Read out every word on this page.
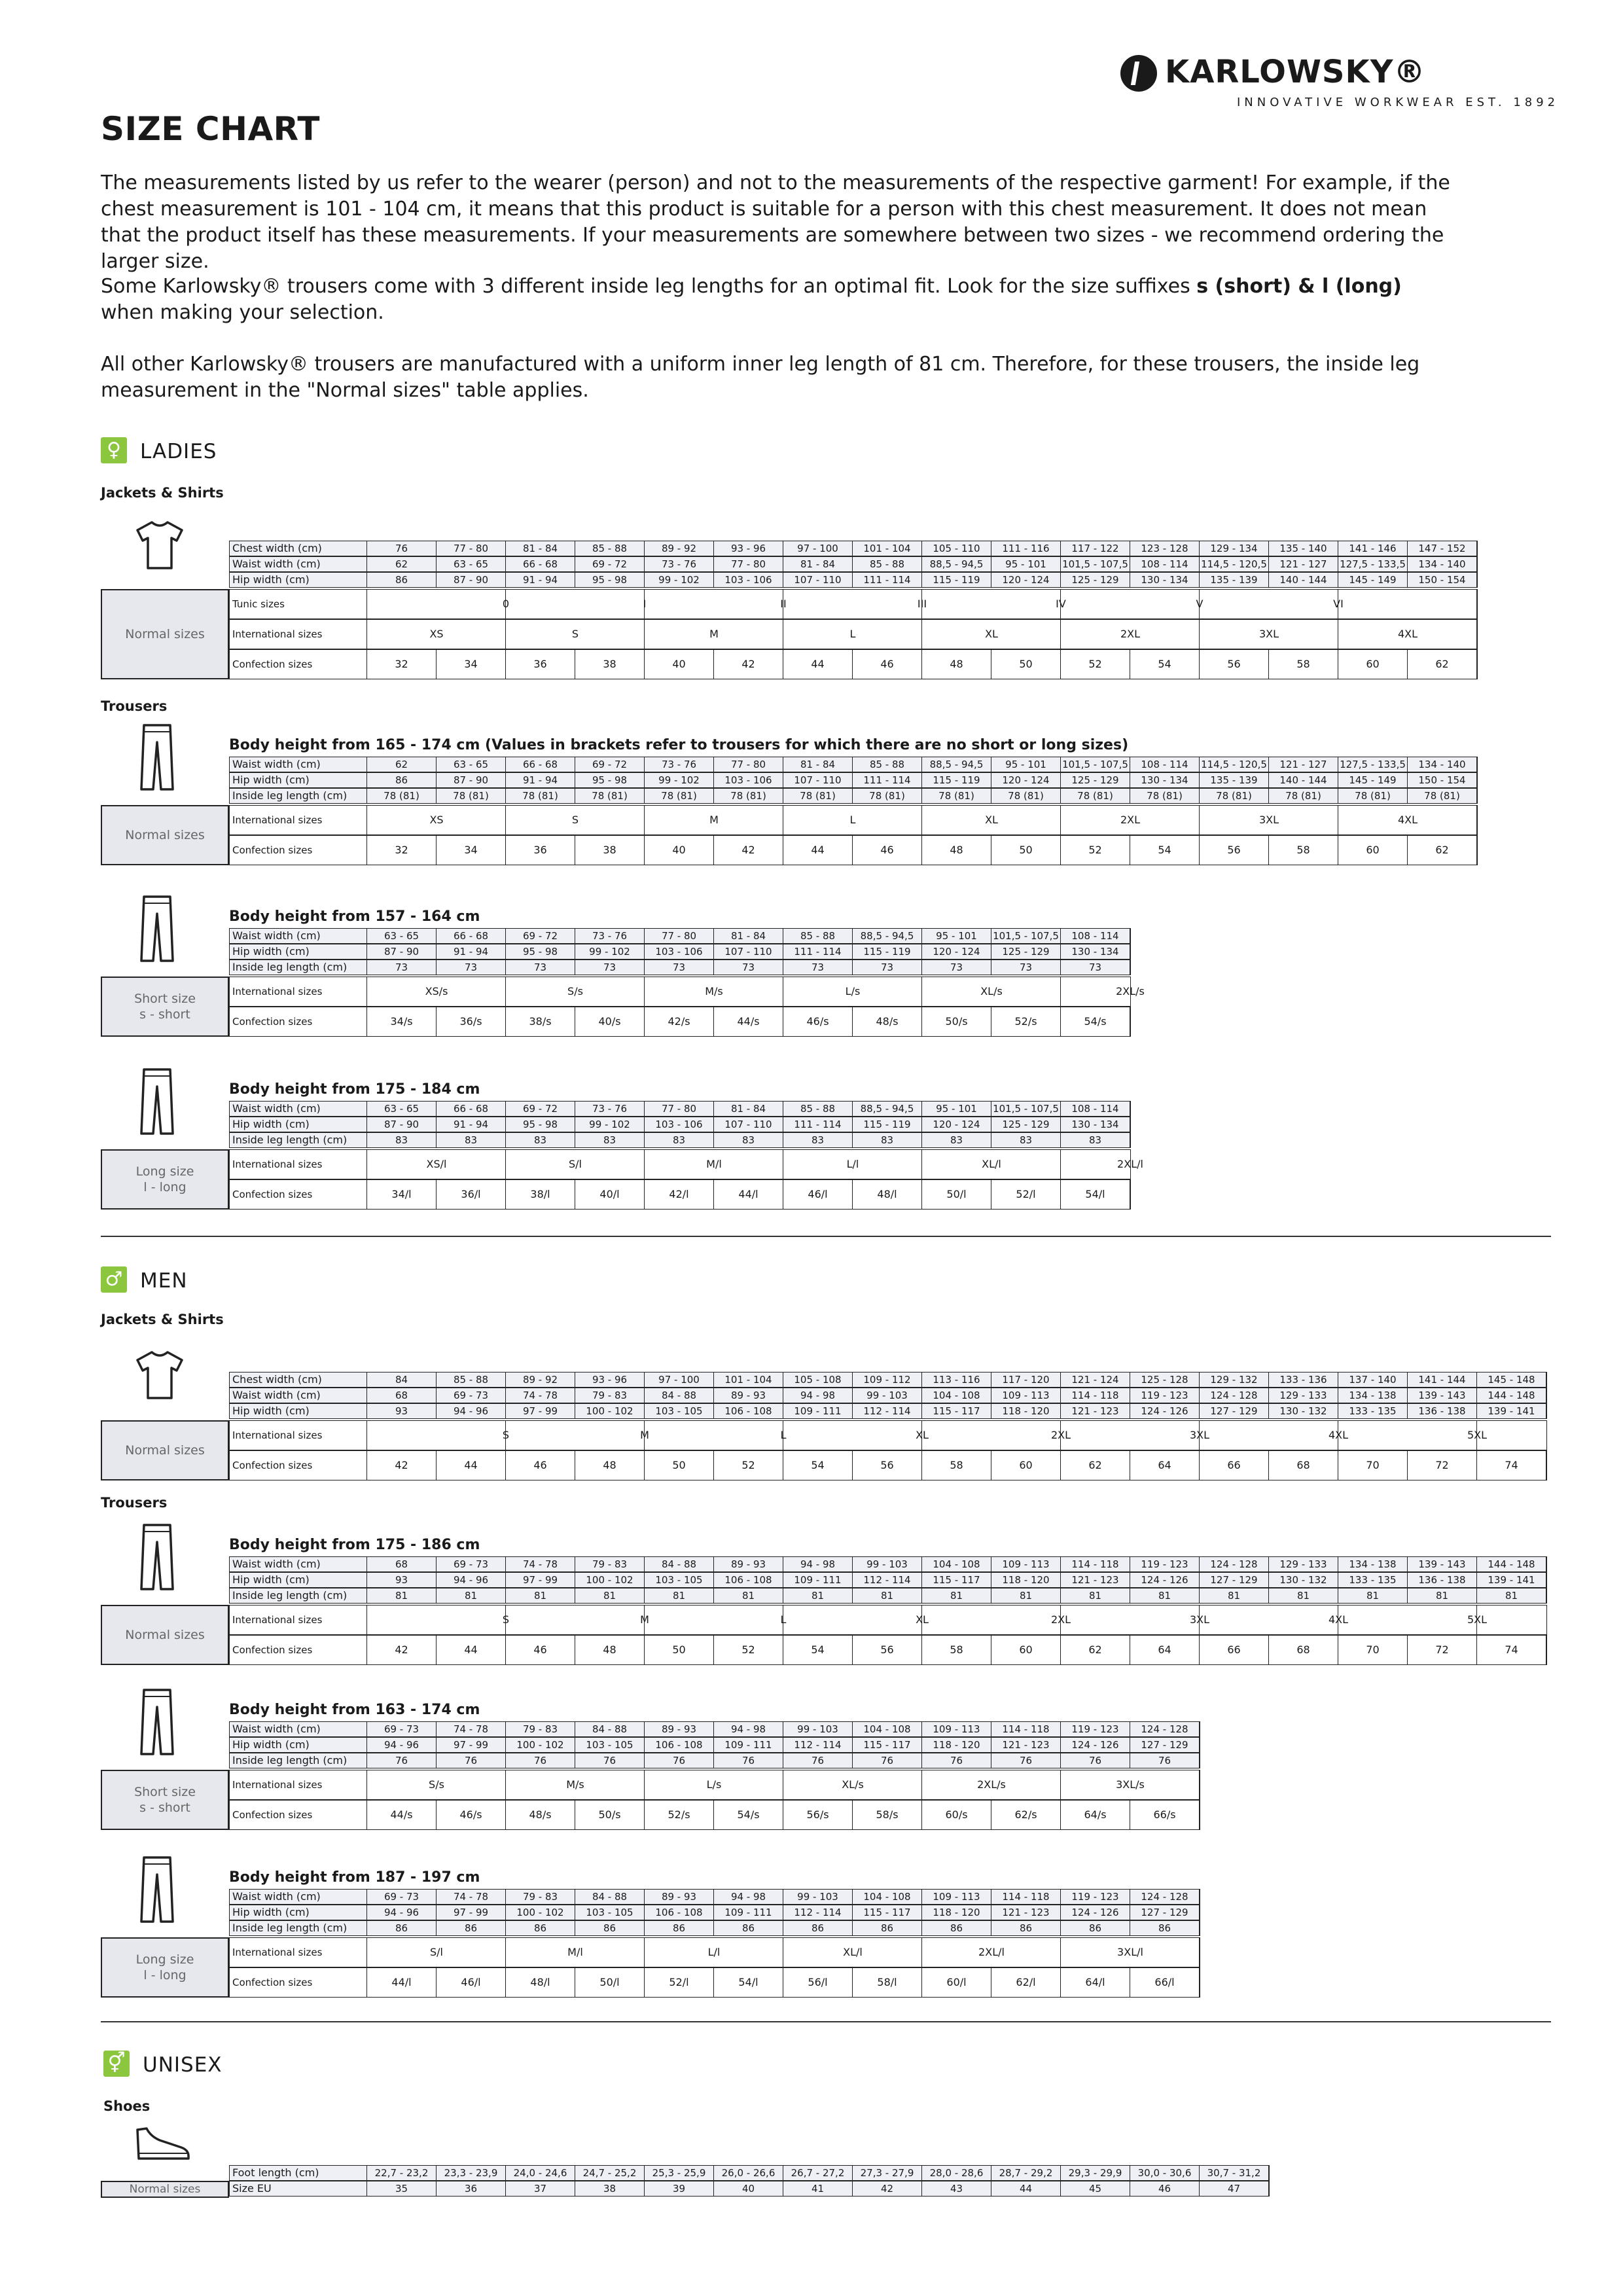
KARLOWSKY®
INNOVATIVE WORKWEAR EST. 1892
SIZE CHART
The measurements listed by us refer to the wearer (person) and not to the measurements of the respective garment! For example, if the chest measurement is 101 - 104 cm, it means that this product is suitable for a person with this chest measurement. It does not mean that the product itself has these measurements. If your measurements are somewhere between two sizes - we recommend ordering the larger size.
Some Karlowsky® trousers come with 3 different inside leg lengths for an optimal fit. Look for the size suffixes s (short) & l (long) when making your selection.
All other Karlowsky® trousers are manufactured with a uniform inner leg length of 81 cm. Therefore, for these trousers, the inside leg measurement in the "Normal sizes" table applies.
♀ LADIES
Jackets & Shirts
Trousers
♂ MEN
Jackets & Shirts
Trousers
⚥ UNISEX
Shoes
Chest width (cm)	76	77 - 80	81 - 84	85 - 88	89 - 92	93 - 96	97 - 100	101 - 104	105 - 110	111 - 116	117 - 122	123 - 128	129 - 134	135 - 140	141 - 146	147 - 152
Waist width (cm)	62	63 - 65	66 - 68	69 - 72	73 - 76	77 - 80	81 - 84	85 - 88	88,5 - 94,5	95 - 101	101,5 - 107,5	108 - 114	114,5 - 120,5	121 - 127	127,5 - 133,5	134 - 140
Hip width (cm)	86	87 - 90	91 - 94	95 - 98	99 - 102	103 - 106	107 - 110	111 - 114	115 - 119	120 - 124	125 - 129	130 - 134	135 - 139	140 - 144	145 - 149	150 - 154
Normal sizes
Tunic sizes	0	I	II	III	IV	V	VI
International sizes	XS	S	M	L	XL	2XL	3XL	4XL
Confection sizes	32	34	36	38	40	42	44	46	48	50	52	54	56	58	60	62
Body height from 165 - 174 cm (Values in brackets refer to trousers for which there are no short or long sizes)
Waist width (cm)	62	63 - 65	66 - 68	69 - 72	73 - 76	77 - 80	81 - 84	85 - 88	88,5 - 94,5	95 - 101	101,5 - 107,5	108 - 114	114,5 - 120,5	121 - 127	127,5 - 133,5	134 - 140
Hip width (cm)	86	87 - 90	91 - 94	95 - 98	99 - 102	103 - 106	107 - 110	111 - 114	115 - 119	120 - 124	125 - 129	130 - 134	135 - 139	140 - 144	145 - 149	150 - 154
Inside leg length (cm)	78 (81)	78 (81)	78 (81)	78 (81)	78 (81)	78 (81)	78 (81)	78 (81)	78 (81)	78 (81)	78 (81)	78 (81)	78 (81)	78 (81)	78 (81)	78 (81)
Normal sizes
International sizes	XS	S	M	L	XL	2XL	3XL	4XL
Confection sizes	32	34	36	38	40	42	44	46	48	50	52	54	56	58	60	62
Body height from 157 - 164 cm
Waist width (cm)	63 - 65	66 - 68	69 - 72	73 - 76	77 - 80	81 - 84	85 - 88	88,5 - 94,5	95 - 101	101,5 - 107,5	108 - 114
Hip width (cm)	87 - 90	91 - 94	95 - 98	99 - 102	103 - 106	107 - 110	111 - 114	115 - 119	120 - 124	125 - 129	130 - 134
Inside leg length (cm)	73	73	73	73	73	73	73	73	73	73	73
Short size
s - short
International sizes	XS/s	S/s	M/s	L/s	XL/s	2XL/s
Confection sizes	34/s	36/s	38/s	40/s	42/s	44/s	46/s	48/s	50/s	52/s	54/s
Body height from 175 - 184 cm
Waist width (cm)	63 - 65	66 - 68	69 - 72	73 - 76	77 - 80	81 - 84	85 - 88	88,5 - 94,5	95 - 101	101,5 - 107,5	108 - 114
Hip width (cm)	87 - 90	91 - 94	95 - 98	99 - 102	103 - 106	107 - 110	111 - 114	115 - 119	120 - 124	125 - 129	130 - 134
Inside leg length (cm)	83	83	83	83	83	83	83	83	83	83	83
Long size
l - long
International sizes	XS/l	S/l	M/l	L/l	XL/l	2XL/l
Confection sizes	34/l	36/l	38/l	40/l	42/l	44/l	46/l	48/l	50/l	52/l	54/l
Chest width (cm)	84	85 - 88	89 - 92	93 - 96	97 - 100	101 - 104	105 - 108	109 - 112	113 - 116	117 - 120	121 - 124	125 - 128	129 - 132	133 - 136	137 - 140	141 - 144	145 - 148
Waist width (cm)	68	69 - 73	74 - 78	79 - 83	84 - 88	89 - 93	94 - 98	99 - 103	104 - 108	109 - 113	114 - 118	119 - 123	124 - 128	129 - 133	134 - 138	139 - 143	144 - 148
Hip width (cm)	93	94 - 96	97 - 99	100 - 102	103 - 105	106 - 108	109 - 111	112 - 114	115 - 117	118 - 120	121 - 123	124 - 126	127 - 129	130 - 132	133 - 135	136 - 138	139 - 141
Normal sizes
International sizes	S	M	L	XL	2XL	3XL	4XL	5XL
Confection sizes	42	44	46	48	50	52	54	56	58	60	62	64	66	68	70	72	74
Body height from 175 - 186 cm
Waist width (cm)	68	69 - 73	74 - 78	79 - 83	84 - 88	89 - 93	94 - 98	99 - 103	104 - 108	109 - 113	114 - 118	119 - 123	124 - 128	129 - 133	134 - 138	139 - 143	144 - 148
Hip width (cm)	93	94 - 96	97 - 99	100 - 102	103 - 105	106 - 108	109 - 111	112 - 114	115 - 117	118 - 120	121 - 123	124 - 126	127 - 129	130 - 132	133 - 135	136 - 138	139 - 141
Inside leg length (cm)	81	81	81	81	81	81	81	81	81	81	81	81	81	81	81	81	81
Normal sizes
International sizes	S	M	L	XL	2XL	3XL	4XL	5XL
Confection sizes	42	44	46	48	50	52	54	56	58	60	62	64	66	68	70	72	74
Body height from 163 - 174 cm
Waist width (cm)	69 - 73	74 - 78	79 - 83	84 - 88	89 - 93	94 - 98	99 - 103	104 - 108	109 - 113	114 - 118	119 - 123	124 - 128
Hip width (cm)	94 - 96	97 - 99	100 - 102	103 - 105	106 - 108	109 - 111	112 - 114	115 - 117	118 - 120	121 - 123	124 - 126	127 - 129
Inside leg length (cm)	76	76	76	76	76	76	76	76	76	76	76	76
Short size
s - short
International sizes	S/s	M/s	L/s	XL/s	2XL/s	3XL/s
Confection sizes	44/s	46/s	48/s	50/s	52/s	54/s	56/s	58/s	60/s	62/s	64/s	66/s
Body height from 187 - 197 cm
Waist width (cm)	69 - 73	74 - 78	79 - 83	84 - 88	89 - 93	94 - 98	99 - 103	104 - 108	109 - 113	114 - 118	119 - 123	124 - 128
Hip width (cm)	94 - 96	97 - 99	100 - 102	103 - 105	106 - 108	109 - 111	112 - 114	115 - 117	118 - 120	121 - 123	124 - 126	127 - 129
Inside leg length (cm)	86	86	86	86	86	86	86	86	86	86	86	86
Long size
l - long
International sizes	S/l	M/l	L/l	XL/l	2XL/l	3XL/l
Confection sizes	44/l	46/l	48/l	50/l	52/l	54/l	56/l	58/l	60/l	62/l	64/l	66/l
Foot length (cm)	22,7 - 23,2	23,3 - 23,9	24,0 - 24,6	24,7 - 25,2	25,3 - 25,9	26,0 - 26,6	26,7 - 27,2	27,3 - 27,9	28,0 - 28,6	28,7 - 29,2	29,3 - 29,9	30,0 - 30,6	30,7 - 31,2
Size EU	35	36	37	38	39	40	41	42	43	44	45	46	47
Normal sizes
